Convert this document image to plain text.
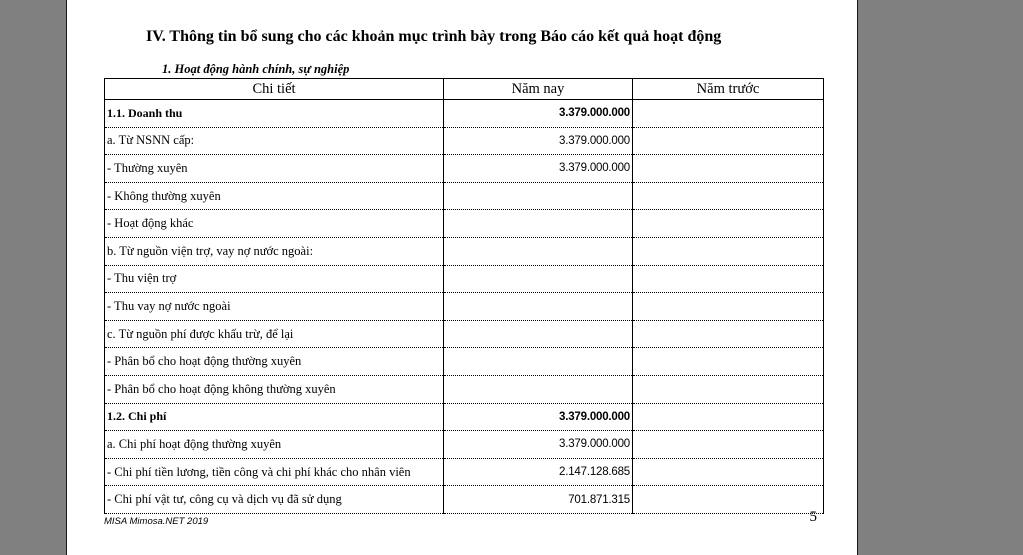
IV. Thông tin bổ sung cho các khoản mục trình bày trong Báo cáo kết quả hoạt động
1. Hoạt động hành chính, sự nghiệp
Chi tiết	Năm nay	Năm trước
1.1. Doanh thu	3.379.000.000	
a. Từ NSNN cấp:	3.379.000.000	
- Thường xuyên	3.379.000.000	
- Không thường xuyên		
- Hoạt động khác		
b. Từ nguồn viện trợ, vay nợ nước ngoài:		
- Thu viện trợ		
- Thu vay nợ nước ngoài		
c. Từ nguồn phí được khấu trừ, để lại		
- Phân bổ cho hoạt động thường xuyên		
- Phân bổ cho hoạt động không thường xuyên		
1.2. Chi phí	3.379.000.000	
a. Chi phí hoạt động thường xuyên	3.379.000.000	
- Chi phí tiền lương, tiền công và chi phí khác cho nhân viên	2.147.128.685	
- Chi phí vật tư, công cụ và dịch vụ đã sử dụng	701.871.315	
MISA Mimosa.NET 2019	5
